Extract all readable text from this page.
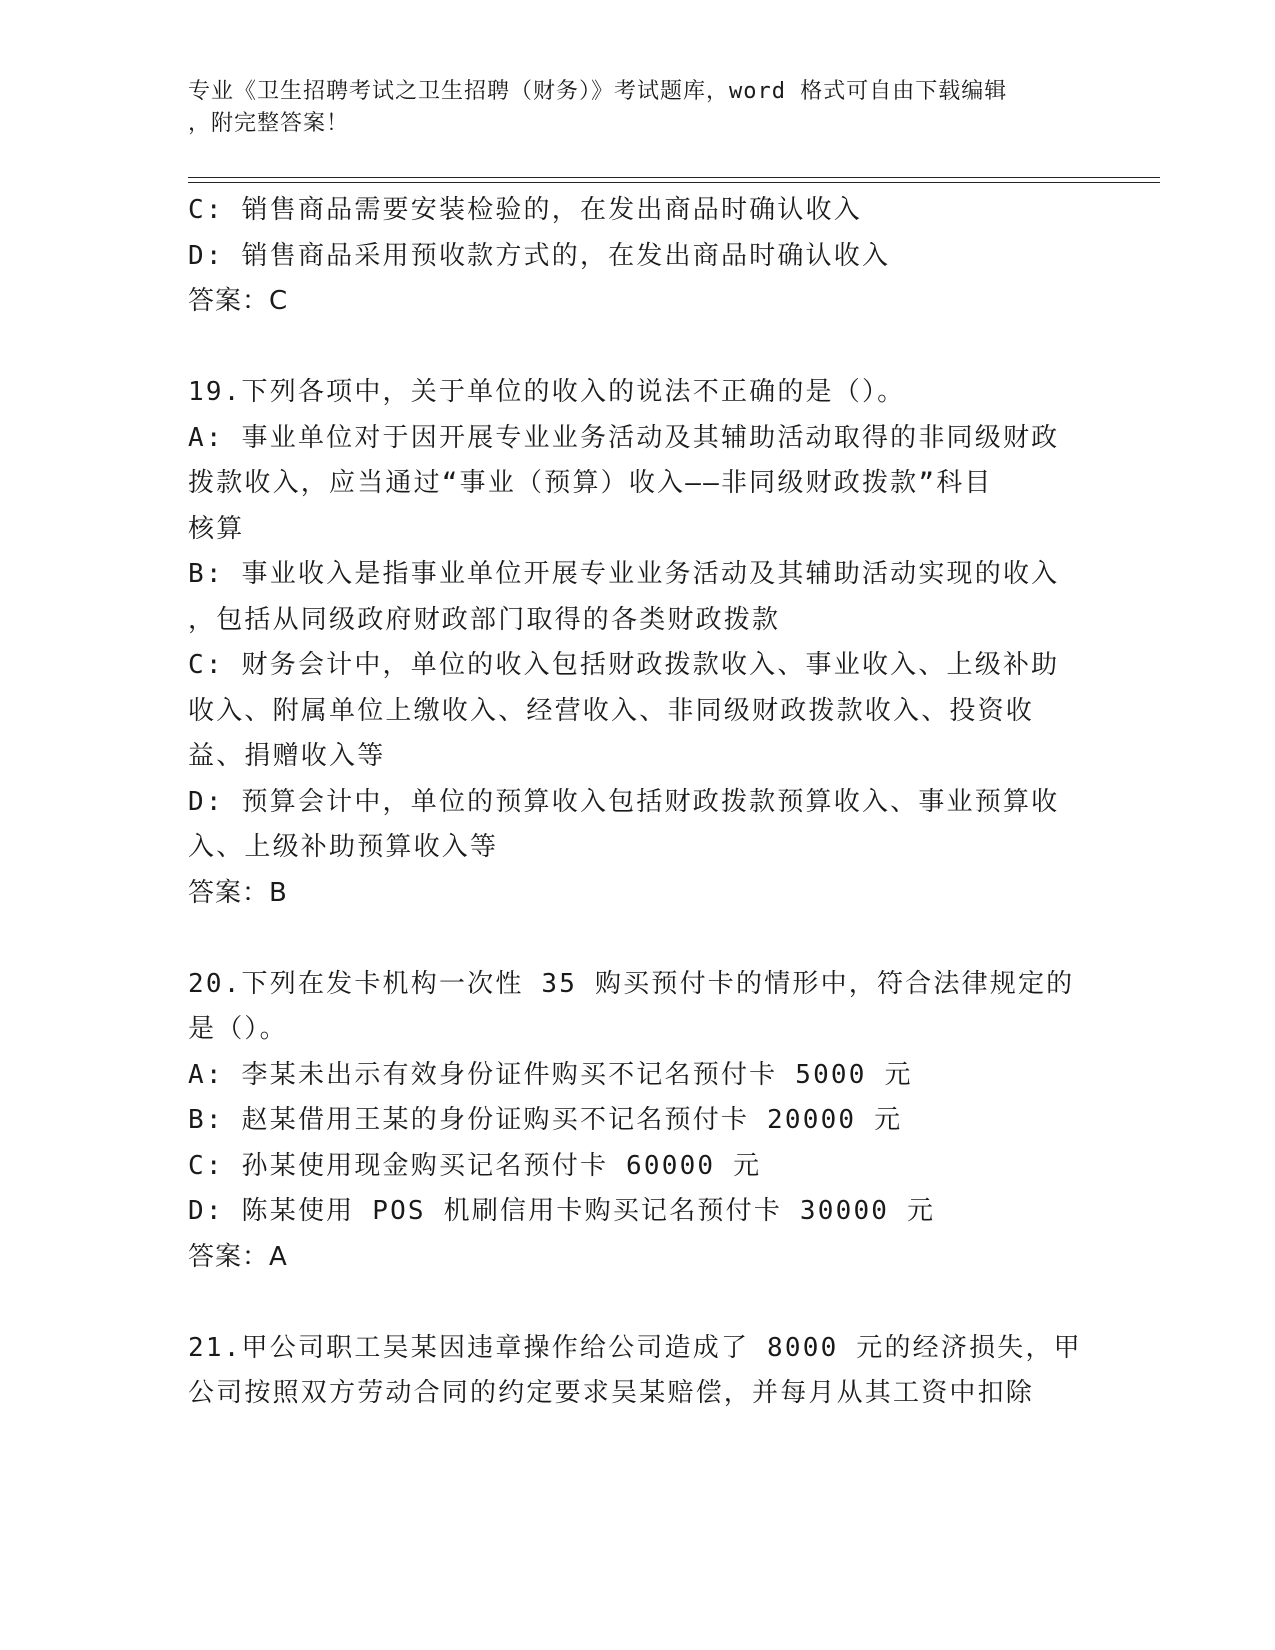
专业《卫生招聘考试之卫生招聘（财务）》考试题库，word 格式可自由下载编辑
，附完整答案！
C: 销售商品需要安装检验的，在发出商品时确认收入
D: 销售商品采用预收款方式的，在发出商品时确认收入
答案：C
19.下列各项中，关于单位的收入的说法不正确的是（）。
A: 事业单位对于因开展专业业务活动及其辅助活动取得的非同级财政
拨款收入，应当通过“事业（预算）收入——非同级财政拨款”科目
核算
B: 事业收入是指事业单位开展专业业务活动及其辅助活动实现的收入
，包括从同级政府财政部门取得的各类财政拨款
C: 财务会计中，单位的收入包括财政拨款收入、事业收入、上级补助
收入、附属单位上缴收入、经营收入、非同级财政拨款收入、投资收
益、捐赠收入等
D: 预算会计中，单位的预算收入包括财政拨款预算收入、事业预算收
入、上级补助预算收入等
答案：B
20.下列在发卡机构一次性 35 购买预付卡的情形中，符合法律规定的
是（）。
A: 李某未出示有效身份证件购买不记名预付卡 5000 元
B: 赵某借用王某的身份证购买不记名预付卡 20000 元
C: 孙某使用现金购买记名预付卡 60000 元
D: 陈某使用 POS 机刷信用卡购买记名预付卡 30000 元
答案：A
21.甲公司职工吴某因违章操作给公司造成了 8000 元的经济损失，甲
公司按照双方劳动合同的约定要求吴某赔偿，并每月从其工资中扣除
